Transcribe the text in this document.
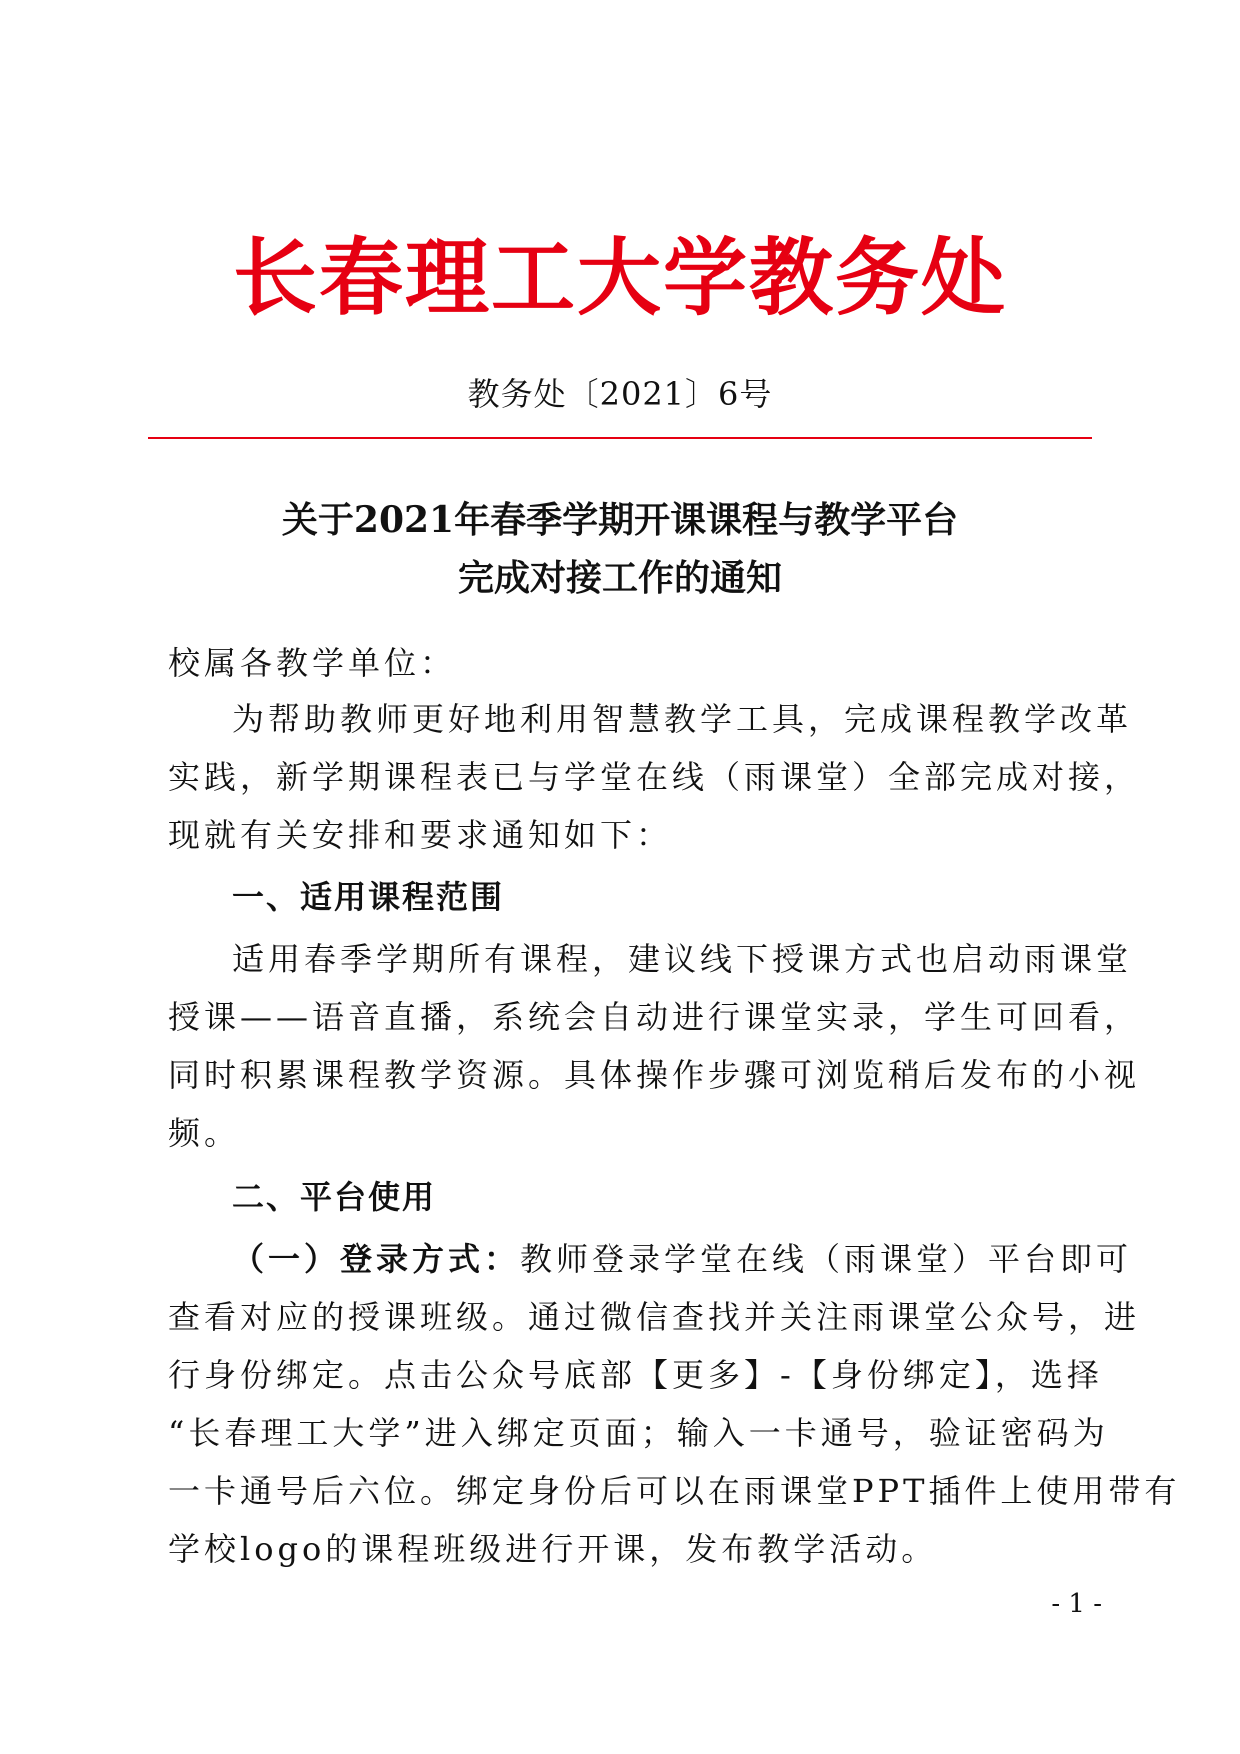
长春理工大学教务处
教务处〔2021〕6号
关于2021年春季学期开课课程与教学平台
完成对接工作的通知
校属各教学单位：
为帮助教师更好地利用智慧教学工具，完成课程教学改革
实践，新学期课程表已与学堂在线（雨课堂）全部完成对接，
现就有关安排和要求通知如下：
一、适用课程范围
适用春季学期所有课程，建议线下授课方式也启动雨课堂
授课——语音直播，系统会自动进行课堂实录，学生可回看，
同时积累课程教学资源。具体操作步骤可浏览稍后发布的小视
频。
二、平台使用
（一）登录方式：教师登录学堂在线（雨课堂）平台即可
查看对应的授课班级。通过微信查找并关注雨课堂公众号，进
行身份绑定。点击公众号底部【更多】-【身份绑定】，选择
“长春理工大学”进入绑定页面；输入一卡通号，验证密码为
一卡通号后六位。绑定身份后可以在雨课堂PPT插件上使用带有
学校logo的课程班级进行开课，发布教学活动。
- 1 -
